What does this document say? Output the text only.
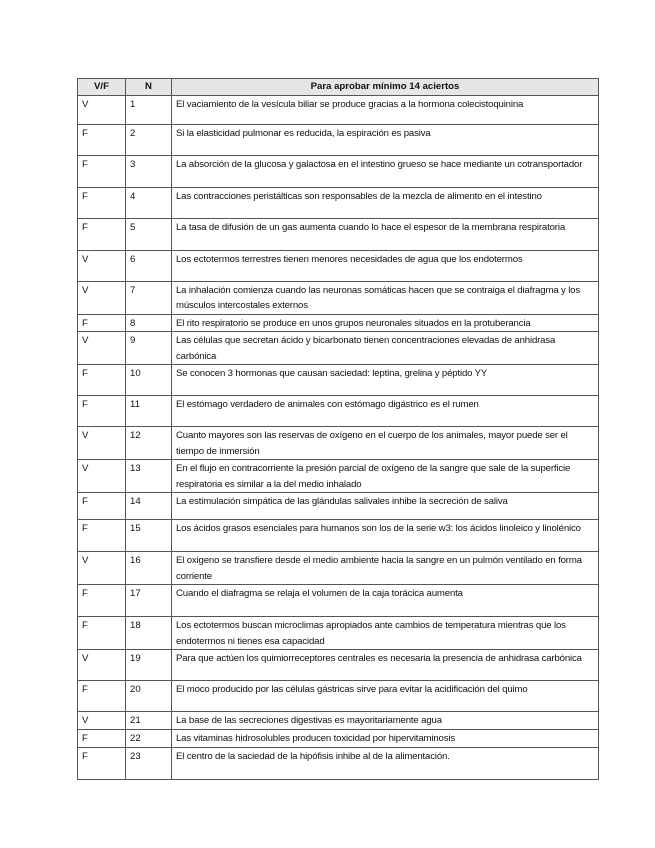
V/F	N	Para aprobar mínimo 14 aciertos
V	1	El vaciamiento de la vesícula biliar se produce gracias a la hormona colecistoquinina
F	2	Si la elasticidad pulmonar es reducida, la espiración es pasiva
F	3	La absorción de la glucosa y galactosa en el intestino grueso se hace mediante un cotransportador
F	4	Las contracciones peristálticas son responsables de la mezcla de alimento en el intestino
F	5	La tasa de difusión de un gas aumenta cuando lo hace el espesor de la membrana respiratoria
V	6	Los ectotermos terrestres tienen menores necesidades de agua que los endotermos
V	7	La inhalación comienza cuando las neuronas somáticas hacen que se contraiga el diafragma y los músculos intercostales externos
F	8	El rito respiratorio se produce en unos grupos neuronales situados en la protuberancia
V	9	Las células que secretan ácido y bicarbonato tienen concentraciones elevadas de anhidrasa carbónica
F	10	Se conocen 3 hormonas que causan saciedad: leptina, grelina y péptido YY
F	11	El estómago verdadero de animales con estómago digástrico es el rumen
V	12	Cuanto mayores son las reservas de oxígeno en el cuerpo de los animales, mayor puede ser el tiempo de inmersión
V	13	En el flujo en contracorriente la presión parcial de oxígeno de la sangre que sale de la superficie respiratoria es similar a la del medio inhalado
F	14	La estimulación simpática de las glándulas salivales inhibe la secreción de saliva
F	15	Los ácidos grasos esenciales para humanos son los de la serie w3: los ácidos linoleico y linolénico
V	16	El oxigeno se transfiere desde el medio ambiente hacia la sangre en un pulmón ventilado en forma corriente
F	17	Cuando el diafragma se relaja el volumen de la caja torácica aumenta
F	18	Los ectotermos buscan microclimas apropiados ante cambios de temperatura mientras que los endotermos ni tienes esa capacidad
V	19	Para que actúen los quimiorreceptores centrales es necesaria la presencia de anhidrasa carbónica
F	20	El moco producido por las células gástricas sirve para evitar la acidificación del quimo
V	21	La base de las secreciones digestivas es mayoritariamente agua
F	22	Las vitaminas hidrosolubles producen toxicidad por hipervitaminosis
F	23	El centro de la saciedad de la hipófisis inhibe al de la alimentación.
